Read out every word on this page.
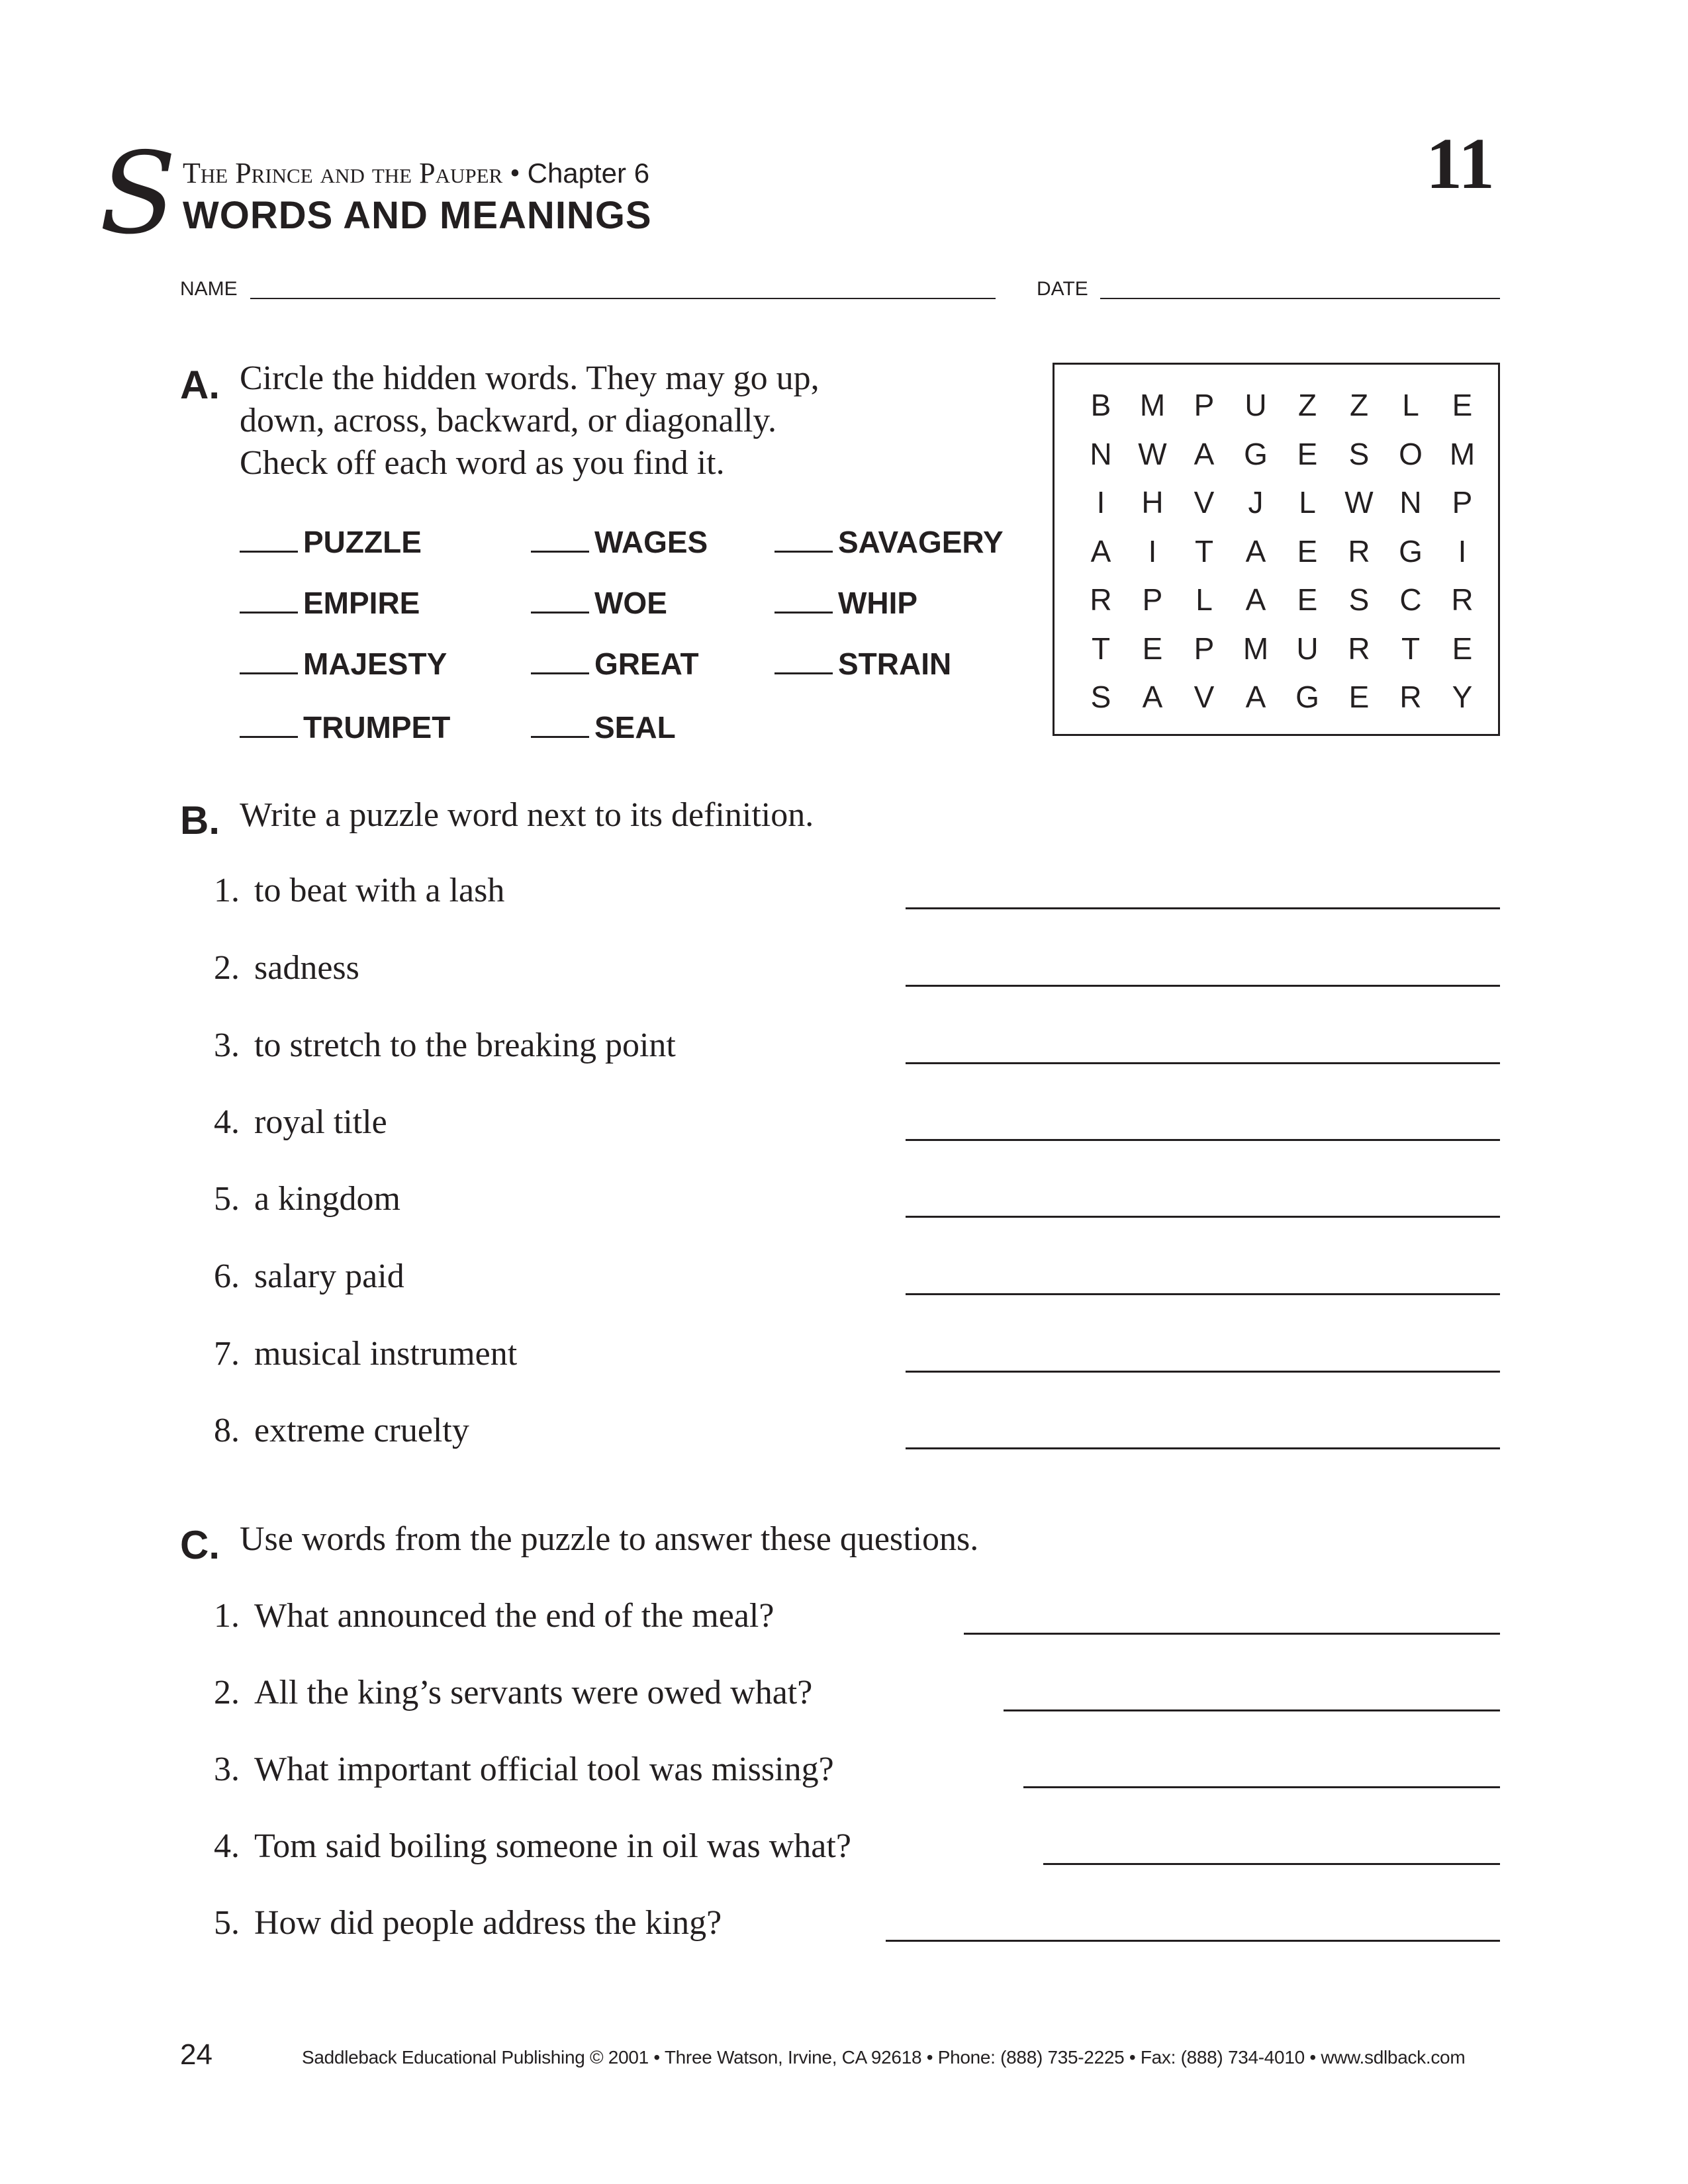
S The Prince and the Pauper • Chapter 6
WORDS AND MEANINGS
11
NAME	DATE
A. Circle the hidden words. They may go up,
down, across, backward, or diagonally.
Check off each word as you find it.
PUZZLE	WAGES	SAVAGERY
EMPIRE	WOE	WHIP
MAJESTY	GREAT	STRAIN
TRUMPET	SEAL
B M P	U	Z	Z	L	E
N W A G E	S O M
I	H	V	J	L W N	P
A	I	T	A	E	R G	I
R	P	L	A	E	S	C R
T	E	P M U R	T	E
S	A	V	A G E	R	Y
B. Write a puzzle word next to its definition.
1. to beat with a lash
2. sadness
3. to stretch to the breaking point
4. royal title
5. a kingdom
6. salary paid
7. musical instrument
8. extreme cruelty
C. Use words from the puzzle to answer these questions.
1. What announced the end of the meal?
2. All the king’s servants were owed what?
3. What important official tool was missing?
4. Tom said boiling someone in oil was what?
5. How did people address the king?
24	Saddleback Educational Publishing © 2001 • Three Watson, Irvine, CA 92618 • Phone: (888) 735-2225 • Fax: (888) 734-4010 • www.sdlback.com
